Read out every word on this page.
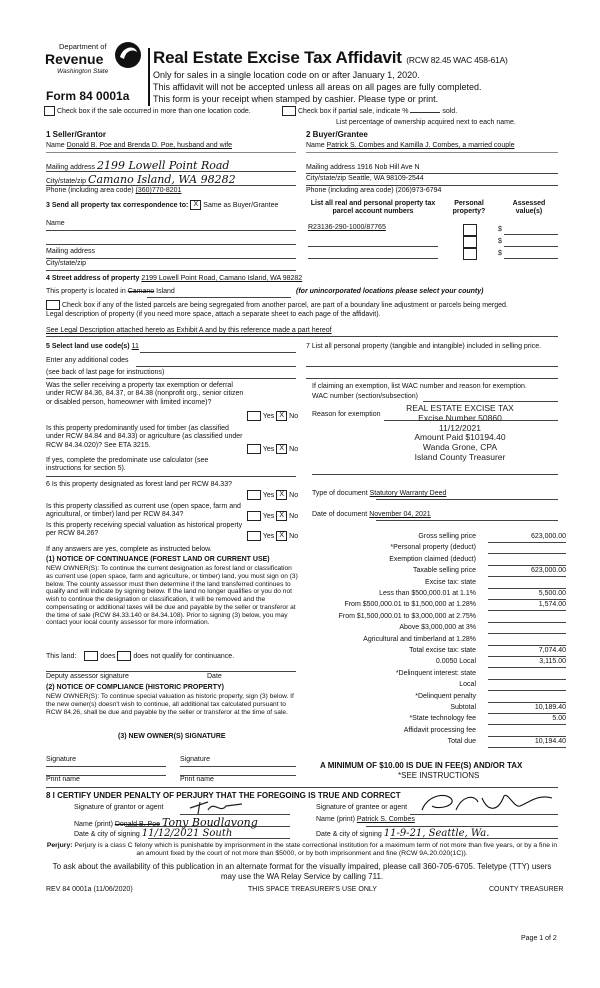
Department of
Revenue
Washington State
Form 84 0001a
Real Estate Excise Tax Affidavit (RCW 82.45 WAC 458-61A)
Only for sales in a single location code on or after January 1, 2020.
This affidavit will not be accepted unless all areas on all pages are fully completed.
This form is your receipt when stamped by cashier. Please type or print.
Check box if the sale occurred in more than one location code.	Check box if partial sale, indicate %	sold.
List percentage of ownership acquired next to each name.
1 Seller/Grantor
Name Donald B. Poe and Brenda D. Poe, husband and wife
Mailing address 2199 Lowell Point Road
City/state/zip Camano Island, WA 98282
Phone (including area code) (360)770-8201
2 Buyer/Grantee
Name Patrick S. Combes and Kamilla J. Combes, a married couple
Mailing address 1916 Nob Hill Ave N
City/state/zip Seattle, WA 98109-2544
Phone (including area code) (206)973-6794
3 Send all property tax correspondence to: X Same as Buyer/Grantee
Name
Mailing address
City/state/zip
List all real and personal property tax parcel account numbers
Personal property?
Assessed value(s)
R23136-290-1000/87765	$
$
$
4 Street address of property 2199 Lowell Point Road, Camano Island, WA 98282
This property is located in Camano Island	(for unincorporated locations please select your county)
Check box if any of the listed parcels are being segregated from another parcel, are part of a boundary line adjustment or parcels being merged.
Legal description of property (if you need more space, attach a separate sheet to each page of the affidavit).
See Legal Description attached hereto as Exhibit A and by this reference made a part hereof
5 Select land use code(s) 11
Enter any additional codes
(see back of last page for instructions)
Was the seller receiving a property tax exemption or deferral under RCW 84.36, 84.37, or 84.38 (nonprofit org., senior citizen or disabled person, homeowner with limited income)?
Yes X No
Is this property predominantly used for timber (as classified under RCW 84.84 and 84.33) or agriculture (as classified under RCW 84.34.020)? See ETA 3215.
Yes X No
If yes, complete the predominate use calculator (see instructions for section 5).
6 Is this property designated as forest land per RCW 84.33?
Yes X No
Is this property classified as current use (open space, farm and agricultural, or timber) land per RCW 84.34?	Yes X No
Is this property receiving special valuation as historical property per RCW 84.26?	Yes X No
If any answers are yes, complete as instructed below.
(1) NOTICE OF CONTINUANCE (FOREST LAND OR CURRENT USE)
NEW OWNER(S): To continue the current designation as forest land or classification as current use (open space, farm and agriculture, or timber) land, you must sign on (3) below. The county assessor must then determine if the land transferred continues to qualify and will indicate by signing below. If the land no longer qualifies or you do not wish to continue the designation or classification, it will be removed and the compensating or additional taxes will be due and payable by the seller or transferor at the time of sale (RCW 84.33.140 or 84.34.108). Prior to signing (3) below, you may contact your local county assessor for more information.
This land:	does	does not qualify for continuance.
Deputy assessor signature	Date
(2) NOTICE OF COMPLIANCE (HISTORIC PROPERTY)
NEW OWNER(S): To continue special valuation as historic property, sign (3) below. If the new owner(s) doesn't wish to continue, all additional tax calculated pursuant to RCW 84.26, shall be due and payable by the seller or transferor at the time of sale.
(3) NEW OWNER(S) SIGNATURE
Signature	Signature
Print name	Print name
7 List all personal property (tangible and intangible) included in selling price.
If claiming an exemption, list WAC number and reason for exemption.
WAC number (section/subsection)
Reason for exemption
REAL ESTATE EXCISE TAX
Excise Number 50860
11/12/2021
Amount Paid $10194.40
Wanda Grone, CPA
Island County Treasurer
Type of document Statutory Warranty Deed
Date of document November 04, 2021
Gross selling price	623,000.00
*Personal property (deduct)
Exemption claimed (deduct)
Taxable selling price	623,000.00
Excise tax: state
Less than $500,000.01 at 1.1%	5,500.00
From $500,000.01 to $1,500,000 at 1.28%	1,574.00
From $1,500,000.01 to $3,000,000 at 2.75%
Above $3,000,000 at 3%
Agricultural and timberland at 1.28%
Total excise tax: state	7,074.40
0.0050 Local	3,115.00
*Delinquent interest: state
Local
*Delinquent penalty
Subtotal	10,189.40
*State technology fee	5.00
Affidavit processing fee
Total due	10,194.40
A MINIMUM OF $10.00 IS DUE IN FEE(S) AND/OR TAX
*SEE INSTRUCTIONS
8 I CERTIFY UNDER PENALTY OF PERJURY THAT THE FOREGOING IS TRUE AND CORRECT
Signature of grantor or agent
Name (print) Donald B. Poe Tony Boudlavong
Date & city of signing 11/12/2021 South
Signature of grantee or agent
Name (print) Patrick S. Combes
Date & city of signing 11-9-21, Seattle, Wa.
Perjury: Perjury is a class C felony which is punishable by imprisonment in the state correctional institution for a maximum term of not more than five years, or by a fine in an amount fixed by the court of not more than $5000, or by both imprisonment and fine (RCW 9A.20.020(1C)).
To ask about the availability of this publication in an alternate format for the visually impaired, please call 360-705-6705. Teletype (TTY) users may use the WA Relay Service by calling 711.
REV 84 0001a (11/06/2020)	THIS SPACE TREASURER'S USE ONLY	COUNTY TREASURER
Page 1 of 2
